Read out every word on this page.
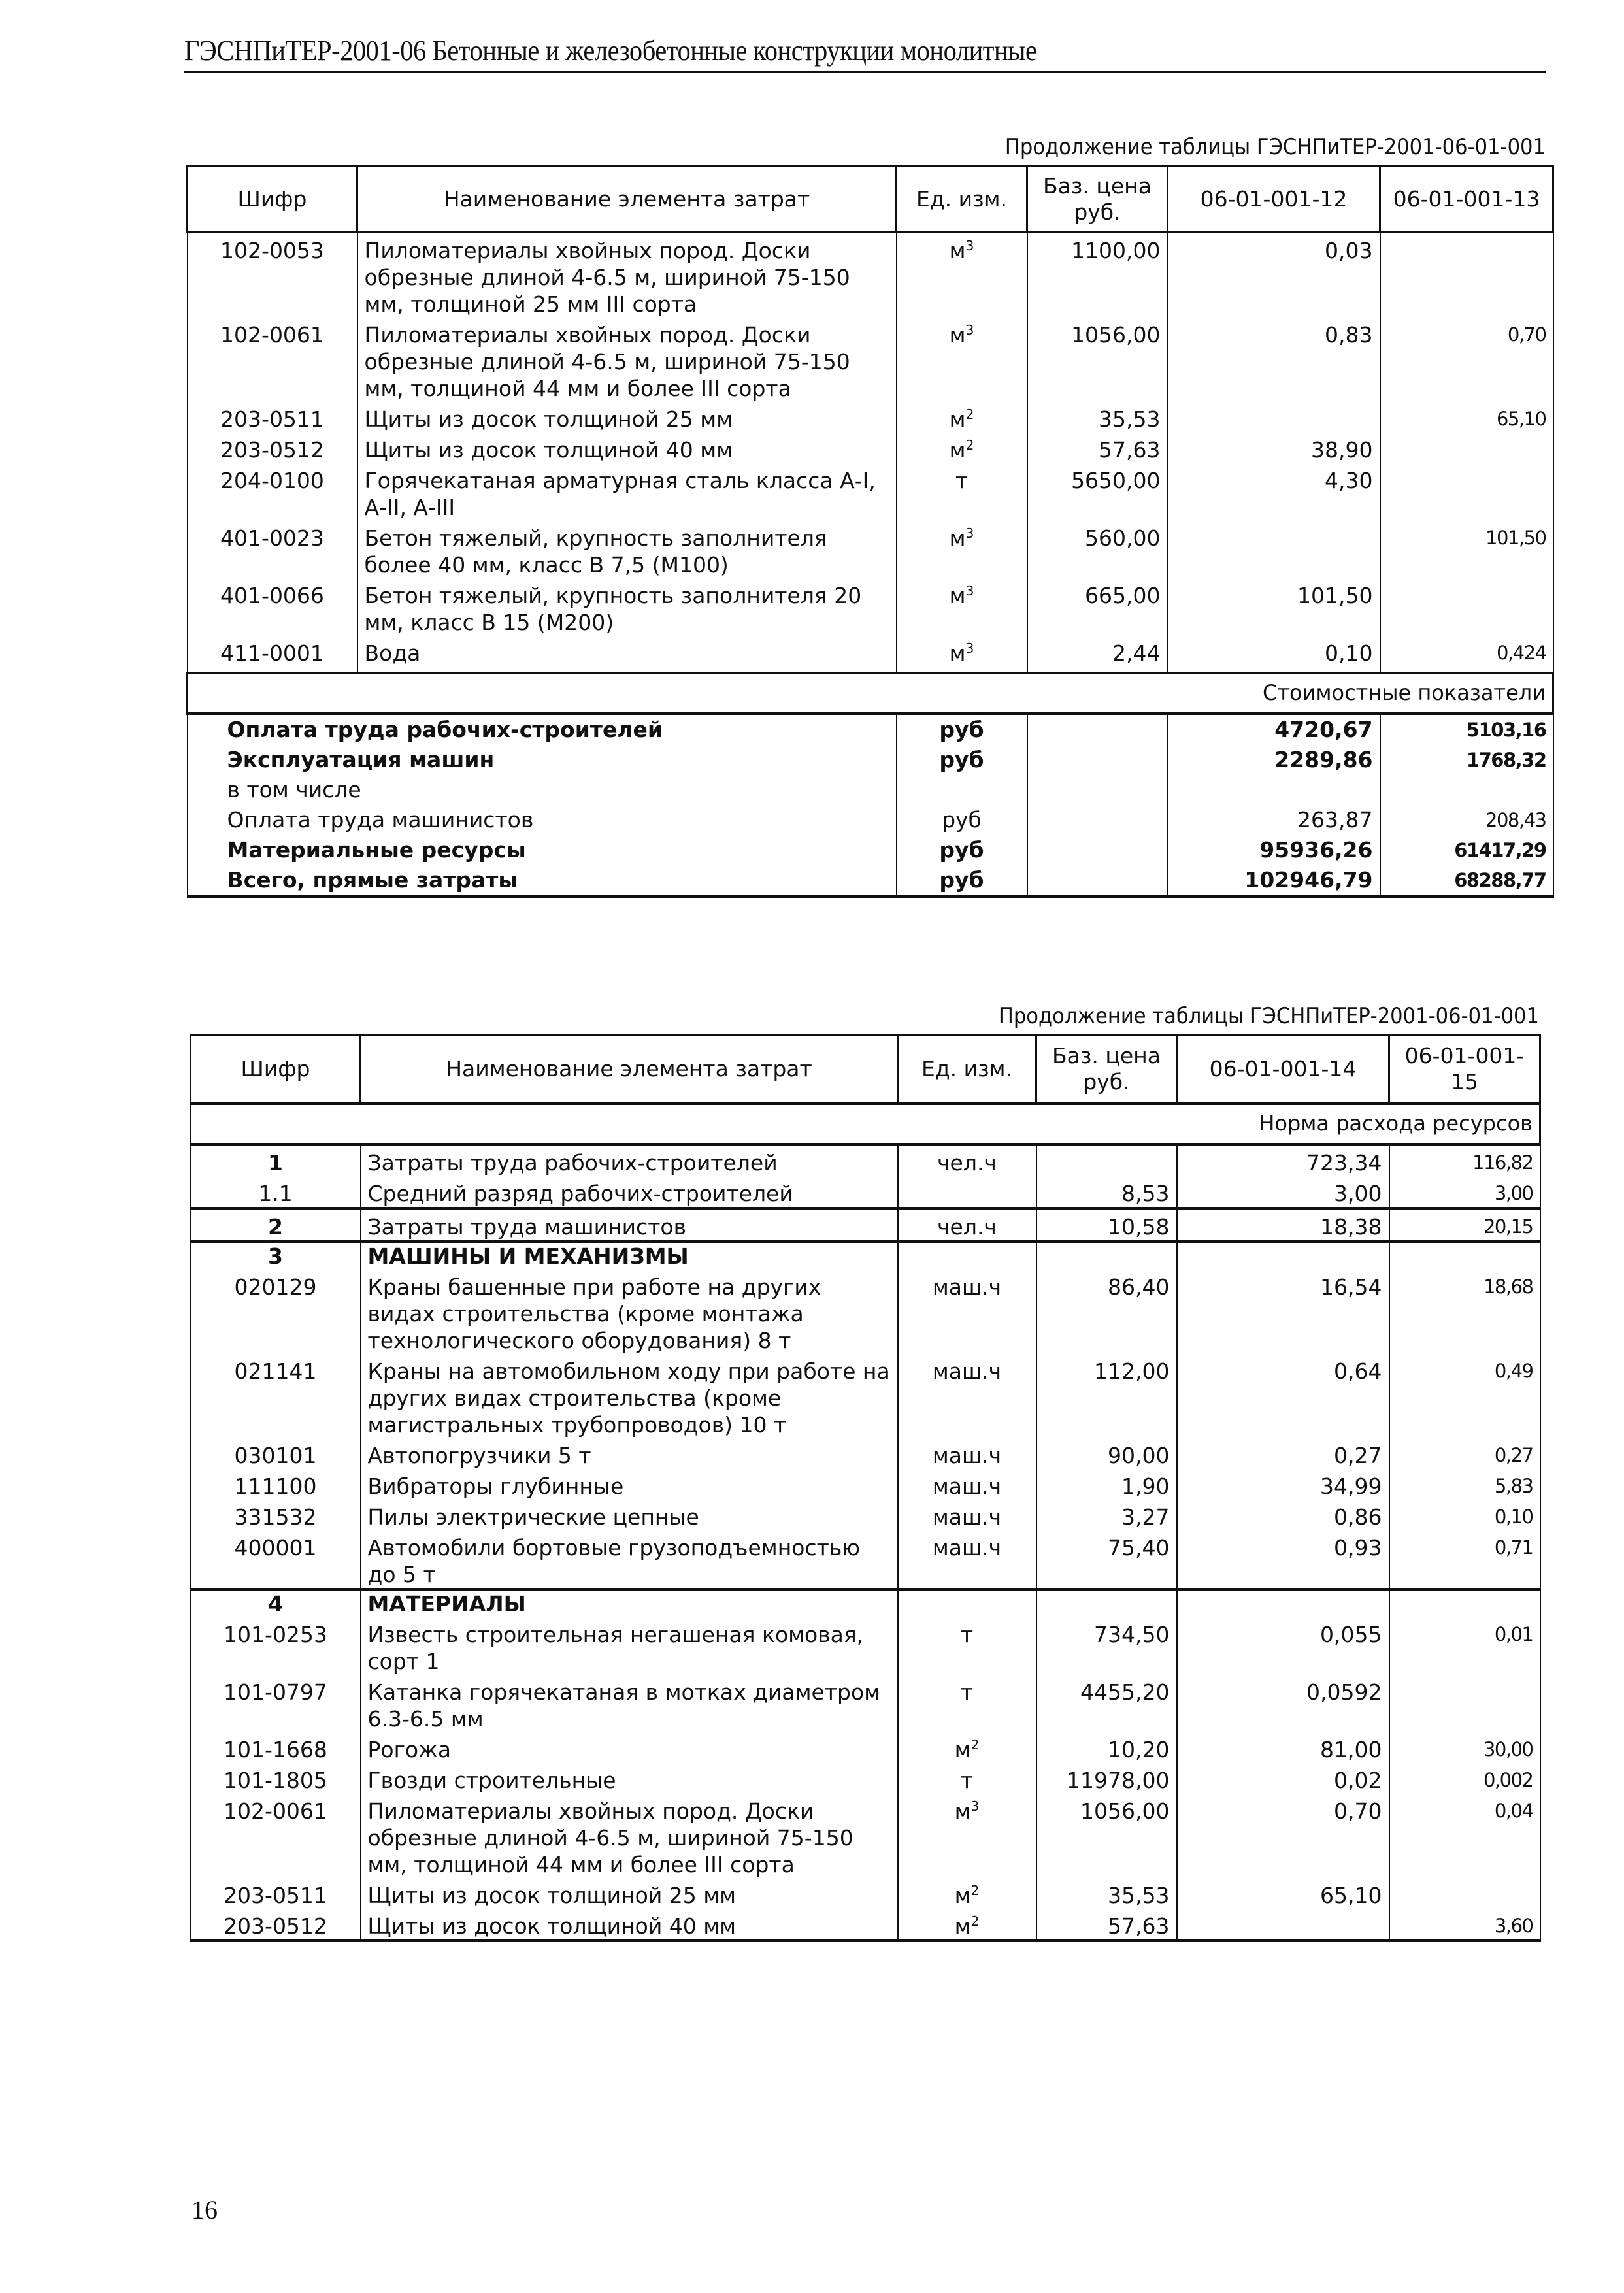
ГЭСНПиТЕР-2001-06 Бетонные и железобетонные конструкции монолитные
Продолжение таблицы ГЭСНПиТЕР-2001-06-01-001
Шифр	Наименование элемента затрат	Ед. изм.	Баз. цена руб.	06-01-001-12	06-01-001-13
102-0053	Пиломатериалы хвойных пород. Доски обрезные длиной 4-6.5 м, шириной 75-150 мм, толщиной 25 мм III сорта	$м^3$	1100,00	0,03	
102-0061	Пиломатериалы хвойных пород. Доски обрезные длиной 4-6.5 м, шириной 75-150 мм, толщиной 44 мм и более III сорта	$м^3$	1056,00	0,83	0,70
203-0511	Щиты из досок толщиной 25 мм	$м^2$	35,53		65,10
203-0512	Щиты из досок толщиной 40 мм	$м^2$	57,63	38,90	
204-0100	Горячекатаная арматурная сталь класса А-I, А-II, А-III	т	5650,00	4,30	
401-0023	Бетон тяжелый, крупность заполнителя более 40 мм, класс В 7,5 (М100)	$м^3$	560,00		101,50
401-0066	Бетон тяжелый, крупность заполнителя 20 мм, класс В 15 (М200)	$м^3$	665,00	101,50	
411-0001	Вода	$м^3$	2,44	0,10	0,424
Стоимостные показатели					
Оплата труда рабочих-строителей		руб		4720,67	5103,16
Эксплуатация машин		руб		2289,86	1768,32
в том числе					
Оплата труда машинистов		руб		263,87	208,43
Материальные ресурсы		руб		95936,26	61417,29
Всего, прямые затраты		руб		102946,79	68288,77
Продолжение таблицы ГЭСНПиТЕР-2001-06-01-001
Шифр	Наименование элемента затрат	Ед. изм.	Баз. цена руб.	06-01-001-14	06-01-001-15
Норма расхода ресурсов					
1	Затраты труда рабочих-строителей	чел.ч		723,34	116,82
1.1	Средний разряд рабочих-строителей		8,53	3,00	3,00
2	Затраты труда машинистов	чел.ч	10,58	18,38	20,15
3	МАШИНЫ И МЕХАНИЗМЫ				
020129	Краны башенные при работе на других видах строительства (кроме монтажа технологического оборудования) 8 т	маш.ч	86,40	16,54	18,68
021141	Краны на автомобильном ходу при работе на других видах строительства (кроме магистральных трубопроводов) 10 т	маш.ч	112,00	0,64	0,49
030101	Автопогрузчики 5 т	маш.ч	90,00	0,27	0,27
111100	Вибраторы глубинные	маш.ч	1,90	34,99	5,83
331532	Пилы электрические цепные	маш.ч	3,27	0,86	0,10
400001	Автомобили бортовые грузоподъемностью до 5 т	маш.ч	75,40	0,93	0,71
4	МАТЕРИАЛЫ				
101-0253	Известь строительная негашеная комовая, сорт 1	т	734,50	0,055	0,01
101-0797	Катанка горячекатаная в мотках диаметром 6.3-6.5 мм	т	4455,20	0,0592	
101-1668	Рогожа	$м^2$	10,20	81,00	30,00
101-1805	Гвозди строительные	т	11978,00	0,02	0,002
102-0061	Пиломатериалы хвойных пород. Доски обрезные длиной 4-6.5 м, шириной 75-150 мм, толщиной 44 мм и более III сорта	$м^3$	1056,00	0,70	0,04
203-0511	Щиты из досок толщиной 25 мм	$м^2$	35,53	65,10	
203-0512	Щиты из досок толщиной 40 мм	$м^2$	57,63		3,60
16
